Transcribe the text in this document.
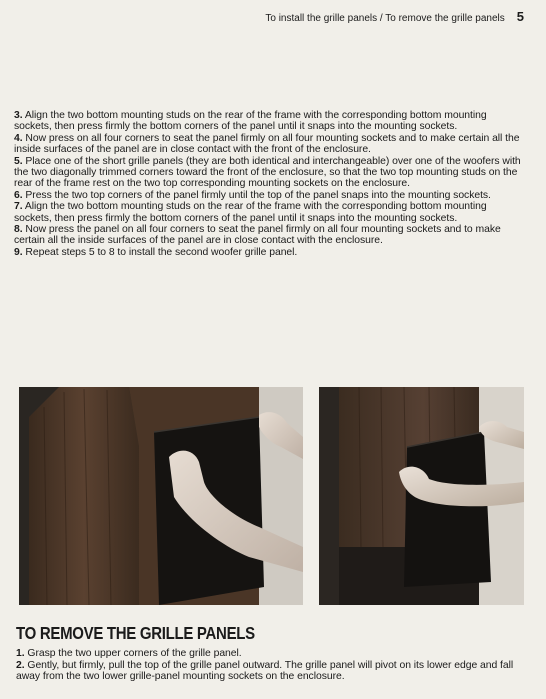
To install the grille panels / To remove the grille panels 5

3. Align the two bottom mounting studs on the rear of the frame with the corresponding bottom mounting sockets, then press firmly the bottom corners of the panel until it snaps into the mounting sockets.

4. Now press on all four corners to seat the panel firmly on all four mounting sockets and to make certain all the inside surfaces of the panel are in close contact with the front of the enclosure.

5. Place one of the short grille panels (they are both identical and interchangeable) over one of the woofers with the two diagonally trimmed corners toward the front of the enclosure, so that the two top mounting studs on the rear of the frame rest on the two top corresponding mounting sockets on the enclosure.

6. Press the two top corners of the panel firmly until the top of the panel snaps into the mounting sockets.

7. Align the two bottom mounting studs on the rear of the frame with the corresponding bottom mounting sockets, then press firmly the bottom corners of the panel until it snaps into the mounting sockets.

8. Now press the panel on all four corners to seat the panel firmly on all four mounting sockets and to make certain all the inside surfaces of the panel are in close contact with the enclosure.

9. Repeat steps 5 to 8 to install the second woofer grille panel.

TO REMOVE THE GRILLE PANELS

1. Grasp the two upper corners of the grille panel.

2. Gently, but firmly, pull the top of the grille panel outward. The grille panel will pivot on its lower edge and fall away from the two lower grille-panel mounting sockets on the enclosure.
